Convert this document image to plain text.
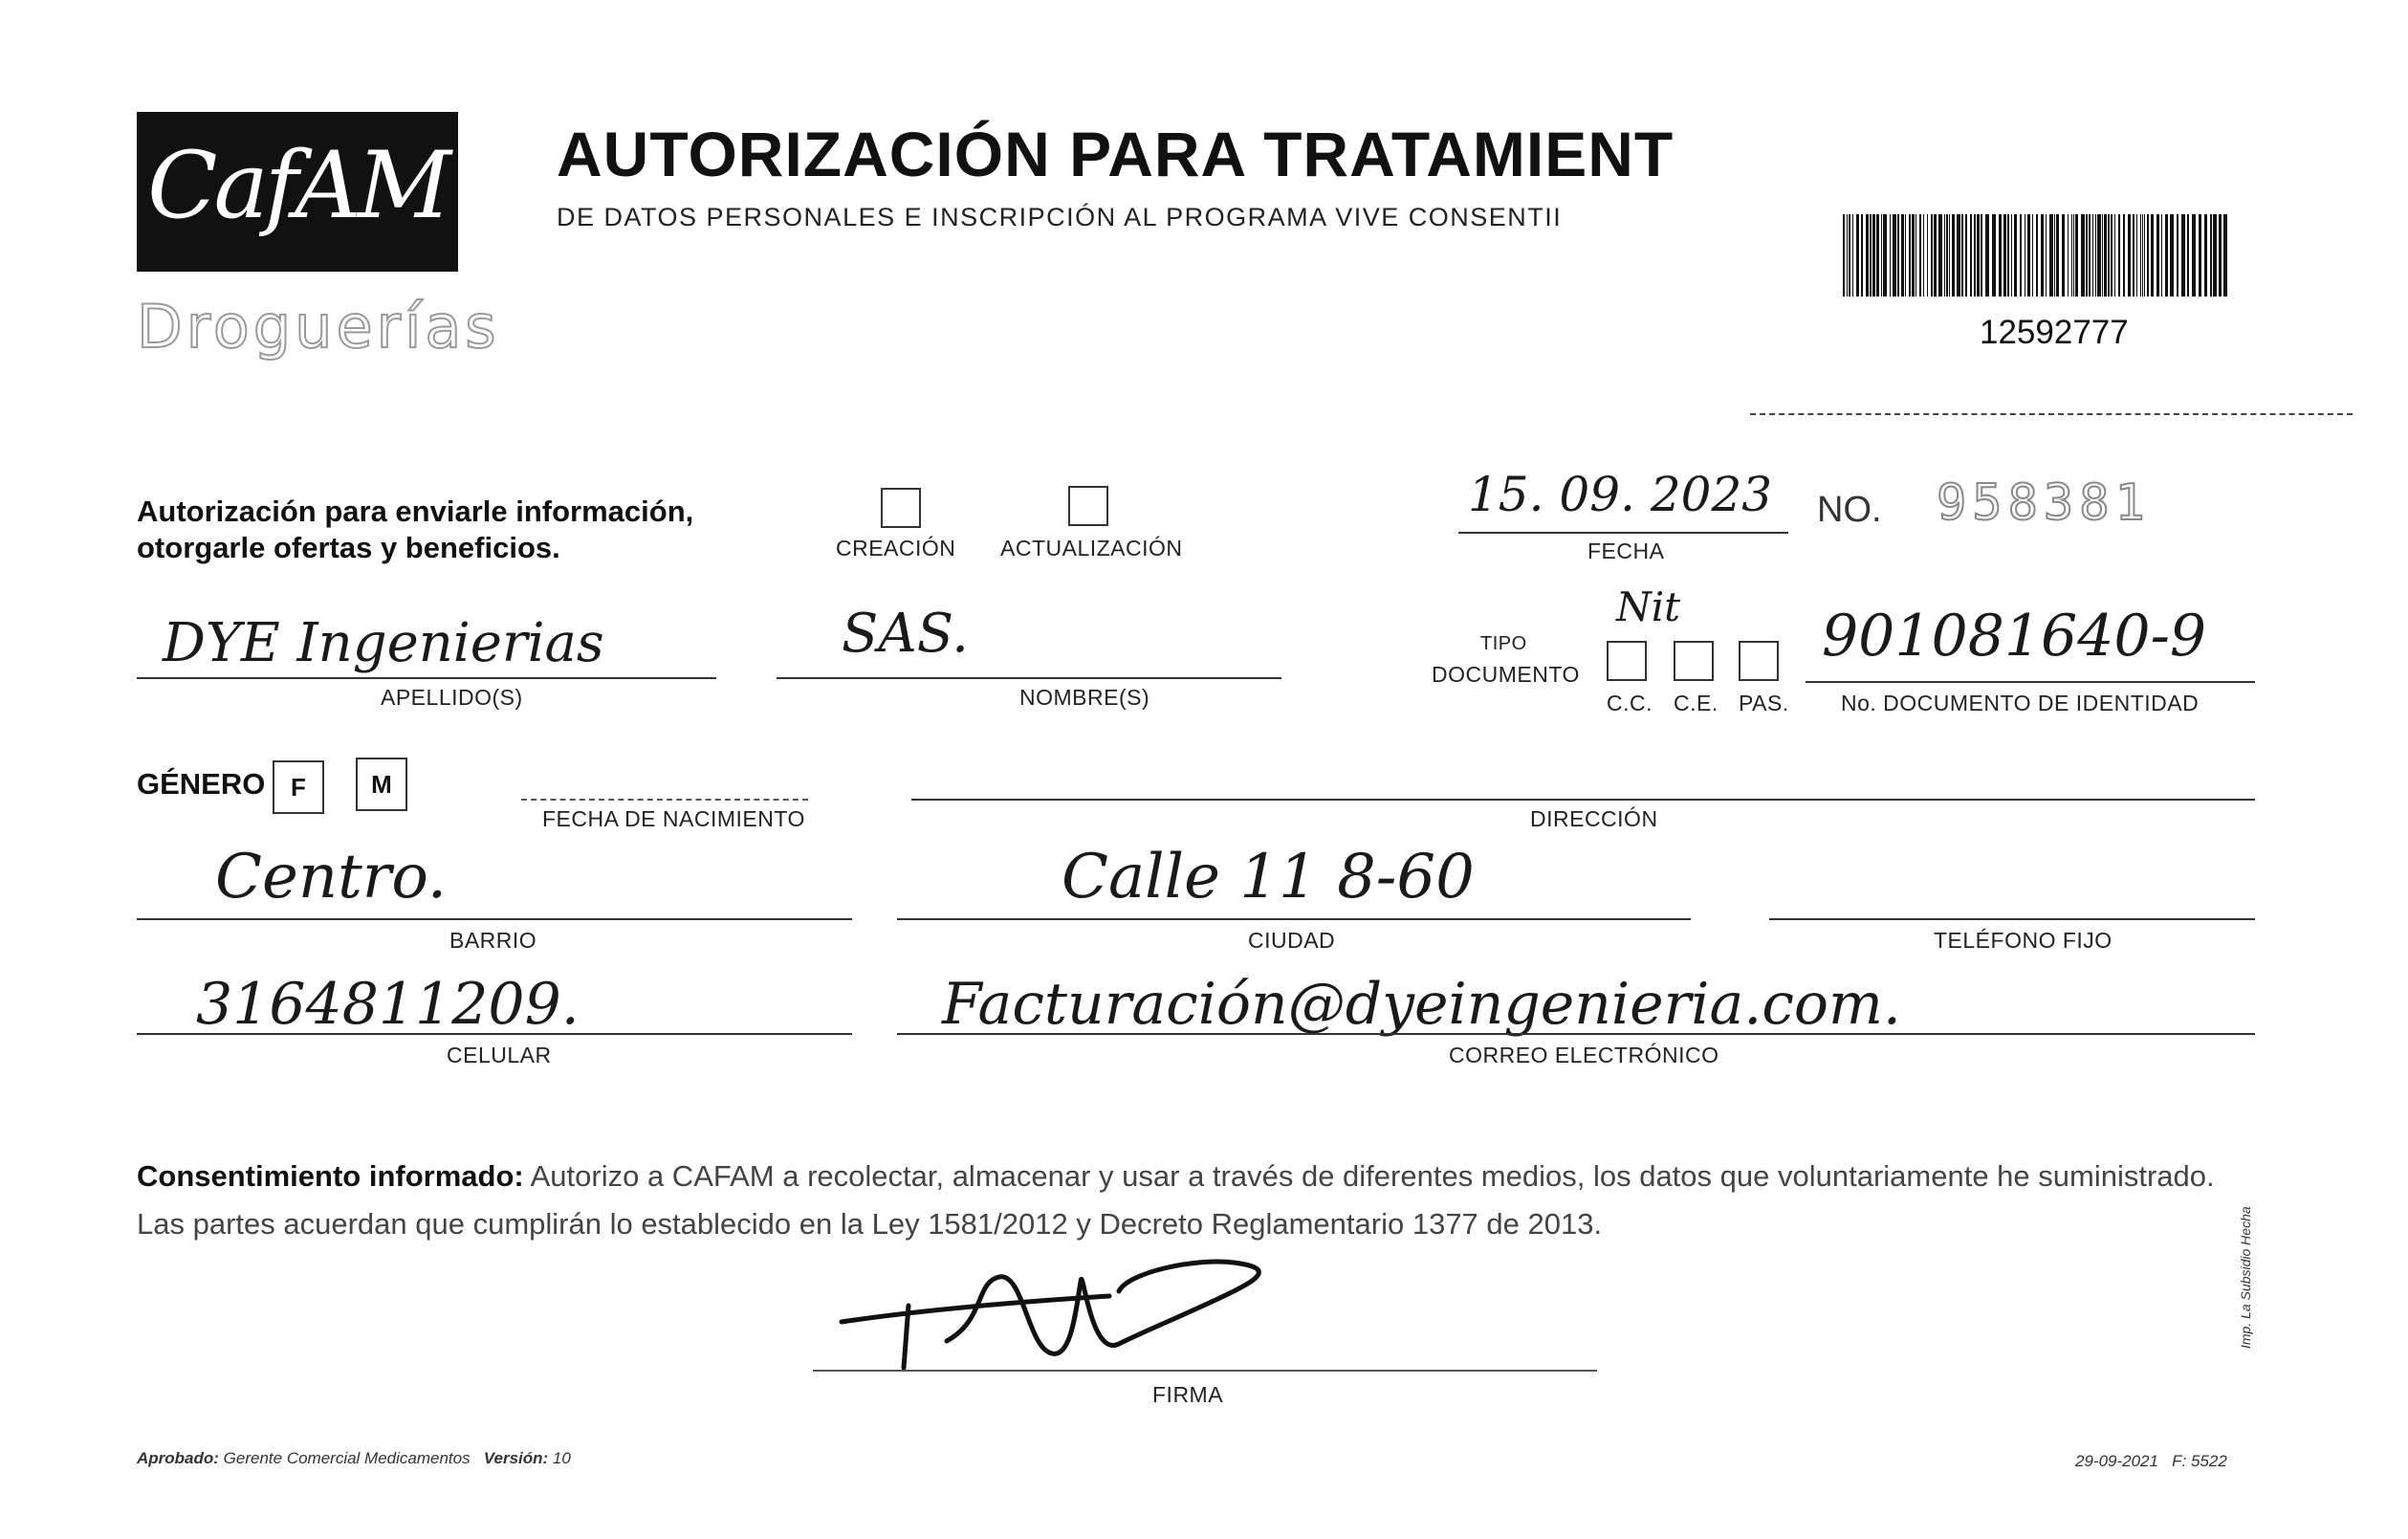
CafAM
Droguerías
AUTORIZACIÓN PARA TRATAMIENT
DE DATOS PERSONALES E INSCRIPCIÓN AL PROGRAMA VIVE CONSENTII
12592777
Autorización para enviarle información,
otorgarle ofertas y beneficios.	CREACIÓN ACTUALIZACIÓN
15. 09. 2023
FECHA
NO. 958381
DYE Ingenierias
APELLIDO(S)
SAS.
NOMBRE(S)
TIPO
DOCUMENTO
Nit
C.C. C.E. PAS.
901081640-9
No. DOCUMENTO DE IDENTIDAD
GÉNERO	F	M
FECHA DE NACIMIENTO	DIRECCIÓN
Centro.
BARRIO
Calle 11 8-60
CIUDAD	TELÉFONO FIJO
3164811209.
CELULAR
Facturación@dyeingenieria.com.
CORREO ELECTRÓNICO
Consentimiento informado: Autorizo a CAFAM a recolectar, almacenar y usar a través de diferentes medios, los datos que voluntariamente he suministrado. Las partes acuerdan que cumplirán lo establecido en la Ley 1581/2012 y Decreto Reglamentario 1377 de 2013.
FIRMA
Aprobado: Gerente Comercial Medicamentos Versión: 10	29-09-2021 F: 5522
Imp. La Subsidio Hecha
